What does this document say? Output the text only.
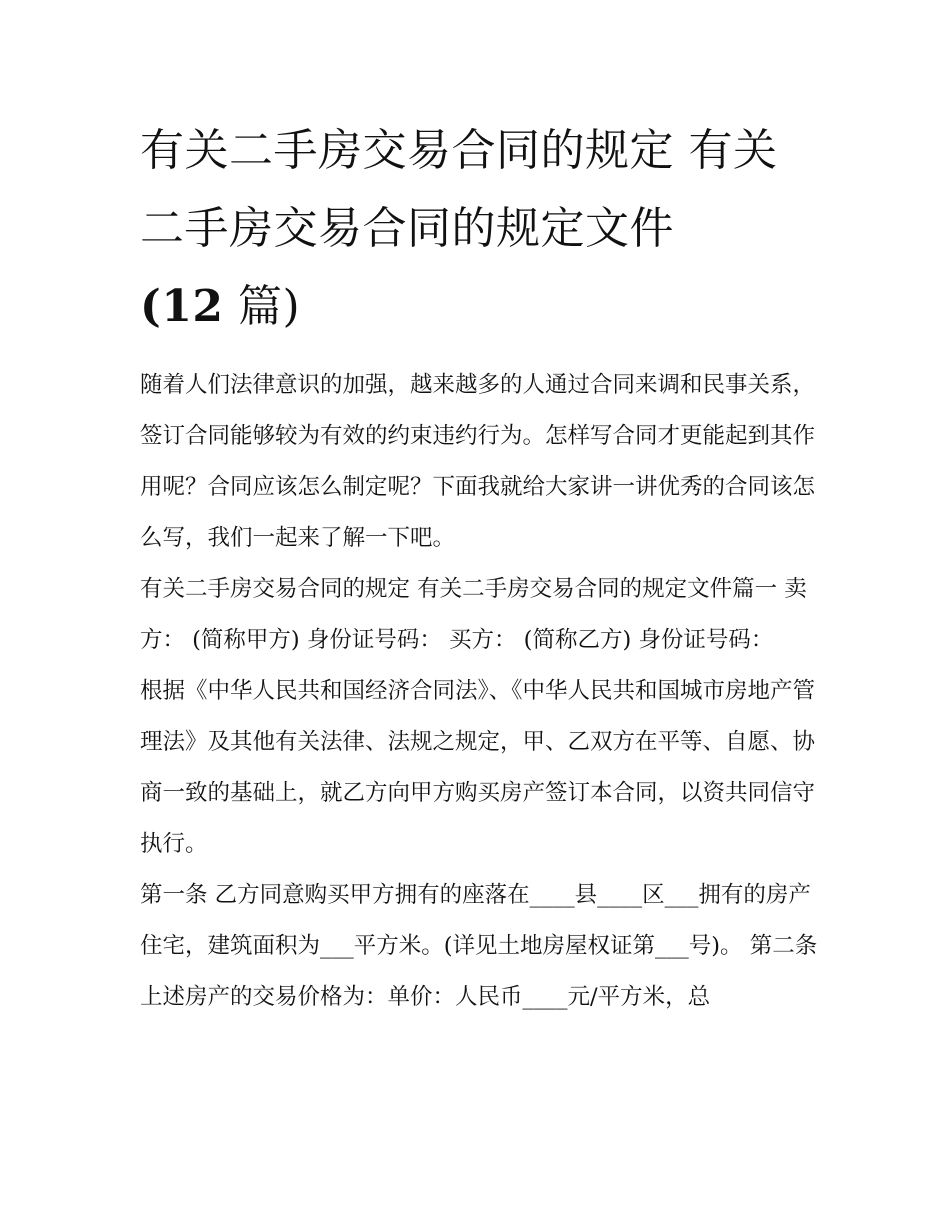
有关二手房交易合同的规定 有关二手房交易合同的规定文件
(12 篇)

随着人们法律意识的加强，越来越多的人通过合同来调和民事关系，签订合同能够较为有效的约束违约行为。怎样写合同才更能起到其作用呢？合同应该怎么制定呢？下面我就给大家讲一讲优秀的合同该怎么写，我们一起来了解一下吧。

有关二手房交易合同的规定 有关二手房交易合同的规定文件篇一 卖方： (简称甲方) 身份证号码： 买方： (简称乙方) 身份证号码：

根据《中华人民共和国经济合同法》、《中华人民共和国城市房地产管理法》及其他有关法律、法规之规定，甲、乙双方在平等、自愿、协商一致的基础上，就乙方向甲方购买房产签订本合同，以资共同信守执行。

第一条 乙方同意购买甲方拥有的座落在____县____区___拥有的房产住宅，建筑面积为___平方米。(详见土地房屋权证第___号)。 第二条

上述房产的交易价格为：单价：人民币____元/平方米，总
